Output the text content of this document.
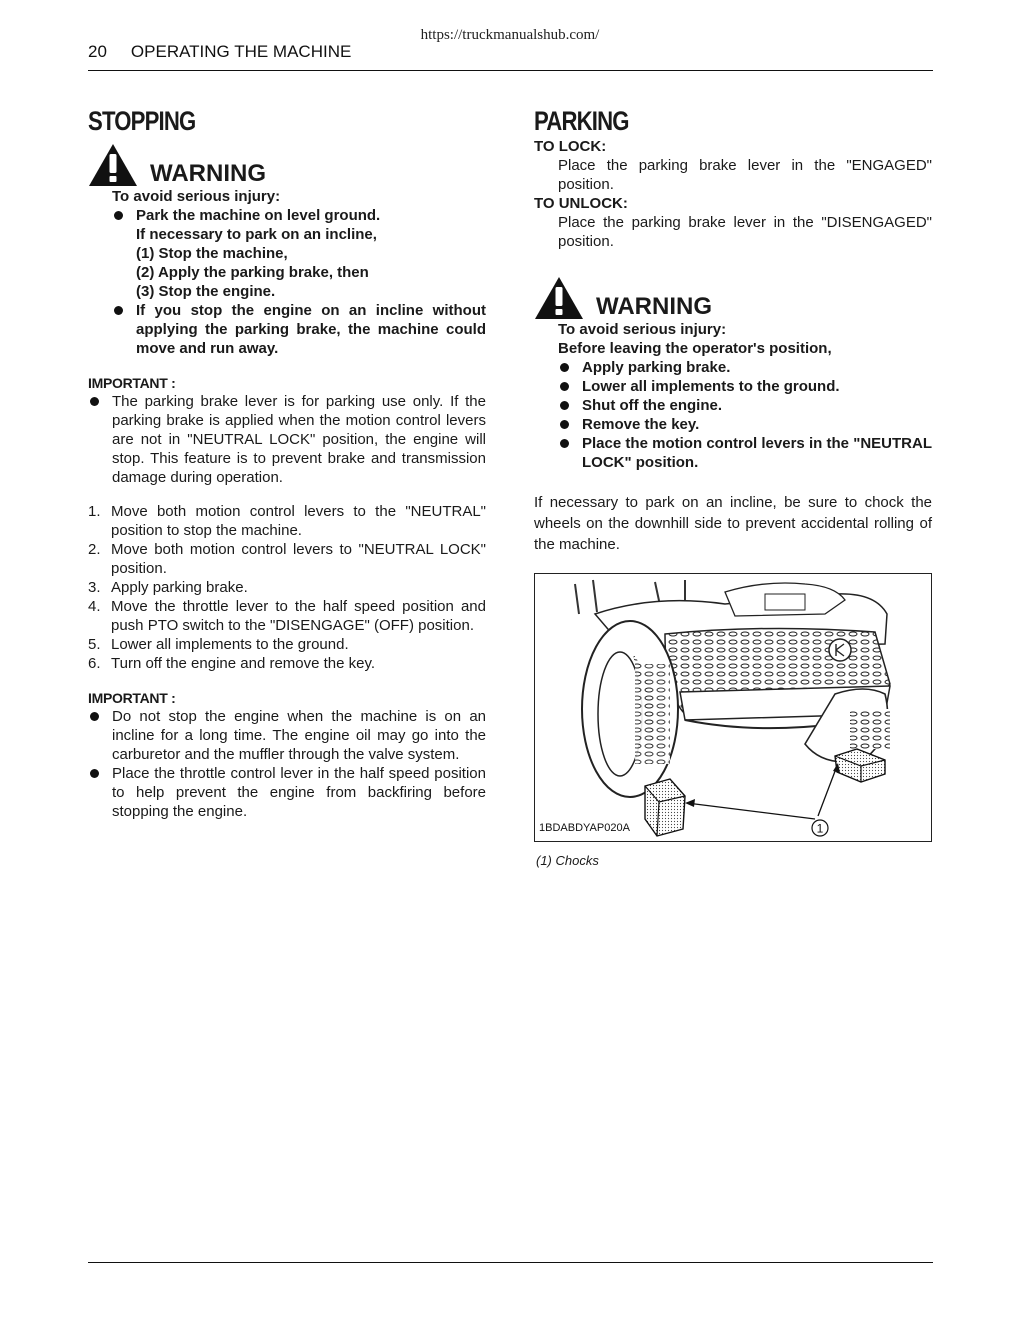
https://truckmanualshub.com/
20 OPERATING THE MACHINE
STOPPING
WARNING

To avoid serious injury:

Park the machine on level ground.

If necessary to park on an incline,

(1) Stop the machine,

(2) Apply the parking brake, then

(3) Stop the engine.

If you stop the engine on an incline without applying the parking brake, the machine could move and run away.
IMPORTANT :
The parking brake lever is for parking use only. If the parking brake is applied when the motion control levers are not in "NEUTRAL LOCK" position, the engine will stop. This feature is to prevent brake and transmission damage during operation.
1. Move both motion control levers to the "NEUTRAL" position to stop the machine.
2. Move both motion control levers to "NEUTRAL LOCK" position.
3. Apply parking brake.
4. Move the throttle lever to the half speed position and push PTO switch to the "DISENGAGE" (OFF) position.
5. Lower all implements to the ground.
6. Turn off the engine and remove the key.
IMPORTANT :
Do not stop the engine when the machine is on an incline for a long time. The engine oil may go into the carburetor and the muffler through the valve system.
Place the throttle control lever in the half speed position to help prevent the engine from backfiring before stopping the engine.
PARKING

TO LOCK:

Place the parking brake lever in the "ENGAGED" position.

TO UNLOCK:

Place the parking brake lever in the "DISENGAGED" position.

WARNING

To avoid serious injury:

Before leaving the operator's position,

Apply parking brake.
Lower all implements to the ground.
Shut off the engine.
Remove the key.
Place the motion control levers in the "NEUTRAL LOCK" position.

If necessary to park on an incline, be sure to chock the wheels on the downhill side to prevent accidental rolling of the machine.

1
1BDABDYAP020A
(1) Chocks
